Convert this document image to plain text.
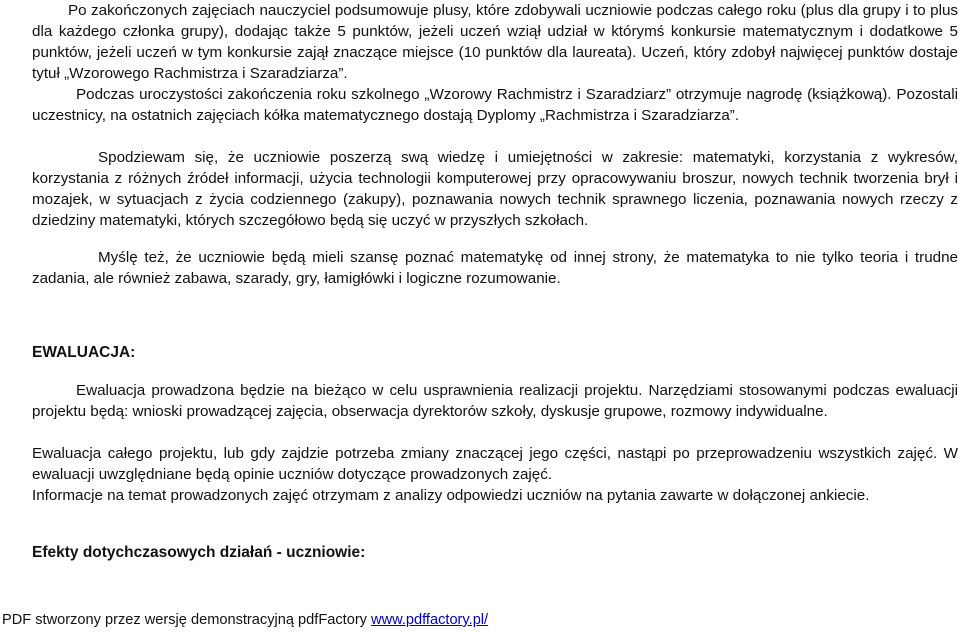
Po zakończonych zajęciach nauczyciel podsumowuje plusy, które zdobywali uczniowie podczas całego roku (plus dla grupy i to plus dla każdego członka grupy), dodając także 5 punktów, jeżeli uczeń wziął udział w którymś konkursie matematycznym i dodatkowe 5 punktów, jeżeli uczeń w tym konkursie zajął znaczące miejsce (10 punktów dla laureata). Uczeń, który zdobył najwięcej punktów dostaje tytuł „Wzorowego Rachmistrza i Szaradziarza”.

Podczas uroczystości zakończenia roku szkolnego „Wzorowy Rachmistrz i Szaradziarz” otrzymuje nagrodę (książkową). Pozostali uczestnicy, na ostatnich zajęciach kółka matematycznego dostają Dyplomy „Rachmistrza i Szaradziarza”.

Spodziewam się, że uczniowie poszerzą swą wiedzę i umiejętności w zakresie: matematyki, korzystania z wykresów, korzystania z różnych źródeł informacji, użycia technologii komputerowej przy opracowywaniu broszur, nowych technik tworzenia brył i mozajek, w sytuacjach z życia codziennego (zakupy), poznawania nowych technik sprawnego liczenia, poznawania nowych rzeczy z dziedziny matematyki, których szczegółowo będą się uczyć w przyszłych szkołach.

Myślę też, że uczniowie będą mieli szansę poznać matematykę od innej strony, że matematyka to nie tylko teoria i trudne zadania, ale również zabawa, szarady, gry, łamigłówki i logiczne rozumowanie.

EWALUACJA:

Ewaluacja prowadzona będzie na bieżąco w celu usprawnienia realizacji projektu. Narzędziami stosowanymi podczas ewaluacji projektu będą: wnioski prowadzącej zajęcia, obserwacja dyrektorów szkoły, dyskusje grupowe, rozmowy indywidualne.

Ewaluacja całego projektu, lub gdy zajdzie potrzeba zmiany znaczącej jego części, nastąpi po przeprowadzeniu wszystkich zajęć. W ewaluacji uwzględniane będą opinie uczniów dotyczące prowadzonych zajęć.

Informacje na temat prowadzonych zajęć otrzymam z analizy odpowiedzi uczniów na pytania zawarte w dołączonej ankiecie.

Efekty dotychczasowych działań - uczniowie:

PDF stworzony przez wersję demonstracyjną pdfFactory www.pdffactory.pl/
